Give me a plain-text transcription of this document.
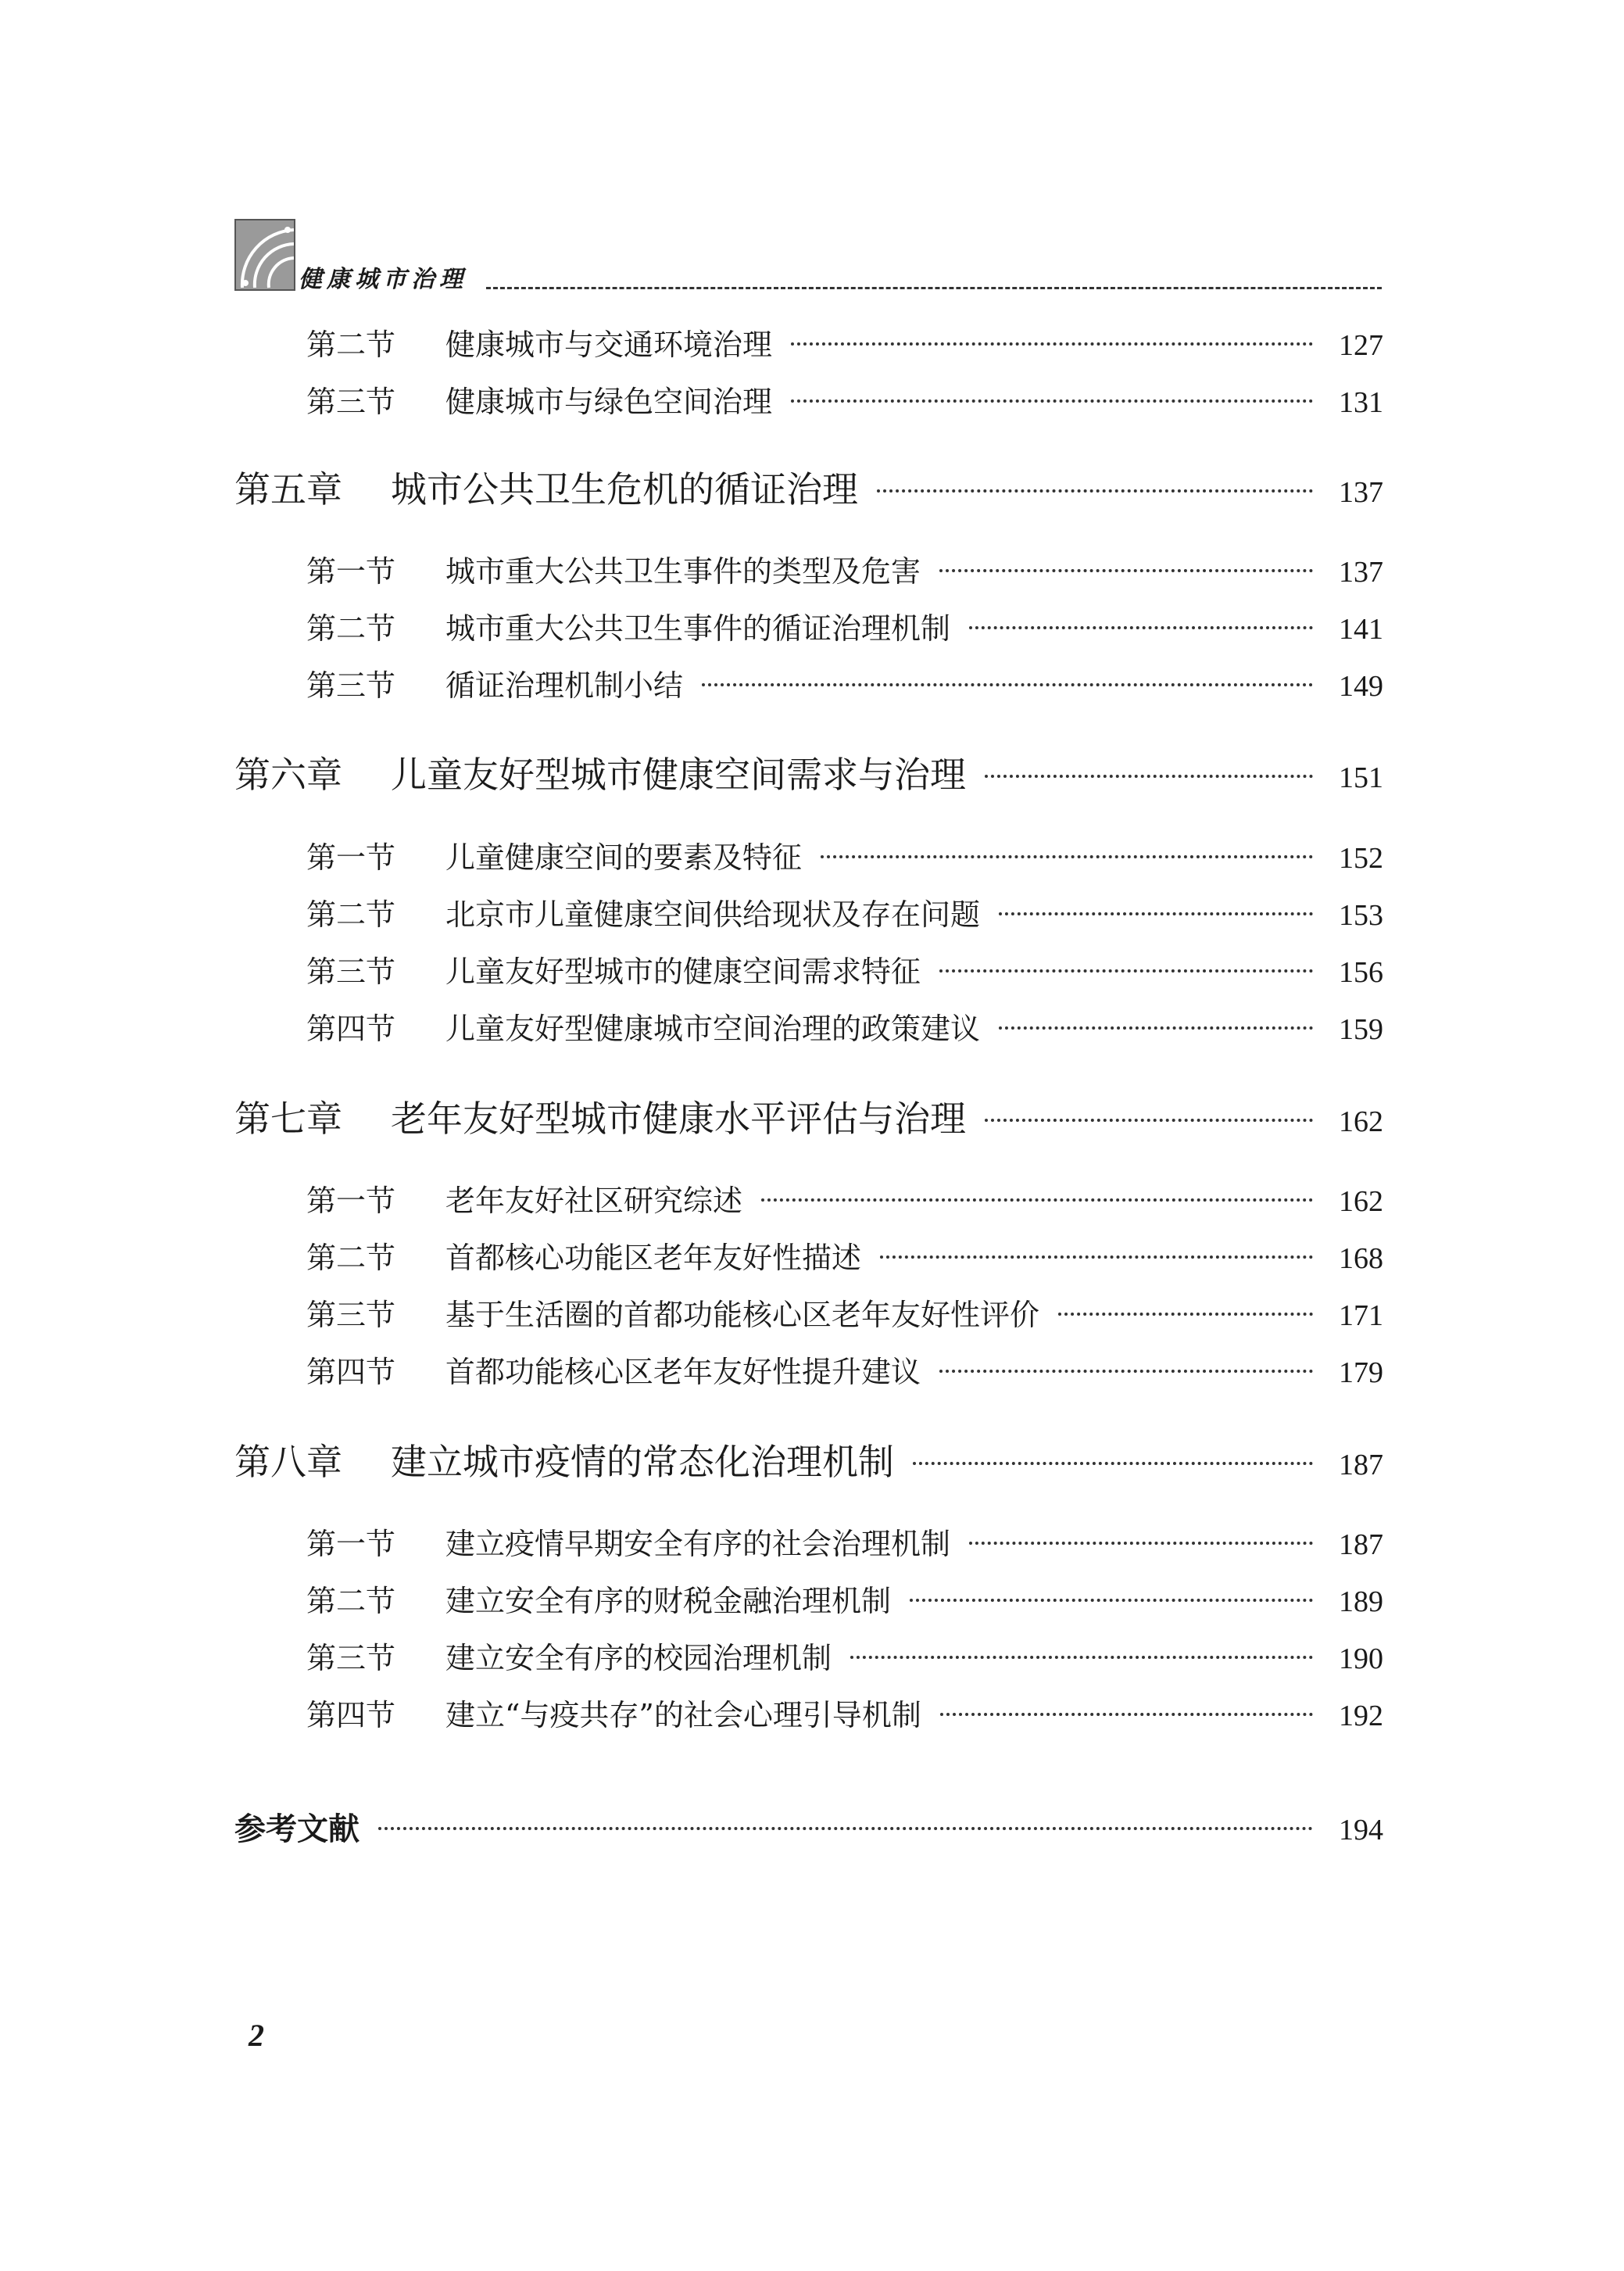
健康城市治理
第二节	健康城市与交通环境治理	127
第三节	健康城市与绿色空间治理	131
第五章	城市公共卫生危机的循证治理	137
第一节	城市重大公共卫生事件的类型及危害	137
第二节	城市重大公共卫生事件的循证治理机制	141
第三节	循证治理机制小结	149
第六章	儿童友好型城市健康空间需求与治理	151
第一节	儿童健康空间的要素及特征	152
第二节	北京市儿童健康空间供给现状及存在问题	153
第三节	儿童友好型城市的健康空间需求特征	156
第四节	儿童友好型健康城市空间治理的政策建议	159
第七章	老年友好型城市健康水平评估与治理	162
第一节	老年友好社区研究综述	162
第二节	首都核心功能区老年友好性描述	168
第三节	基于生活圈的首都功能核心区老年友好性评价	171
第四节	首都功能核心区老年友好性提升建议	179
第八章	建立城市疫情的常态化治理机制	187
第一节	建立疫情早期安全有序的社会治理机制	187
第二节	建立安全有序的财税金融治理机制	189
第三节	建立安全有序的校园治理机制	190
第四节	建立“与疫共存”的社会心理引导机制	192
参考文献	194
2
